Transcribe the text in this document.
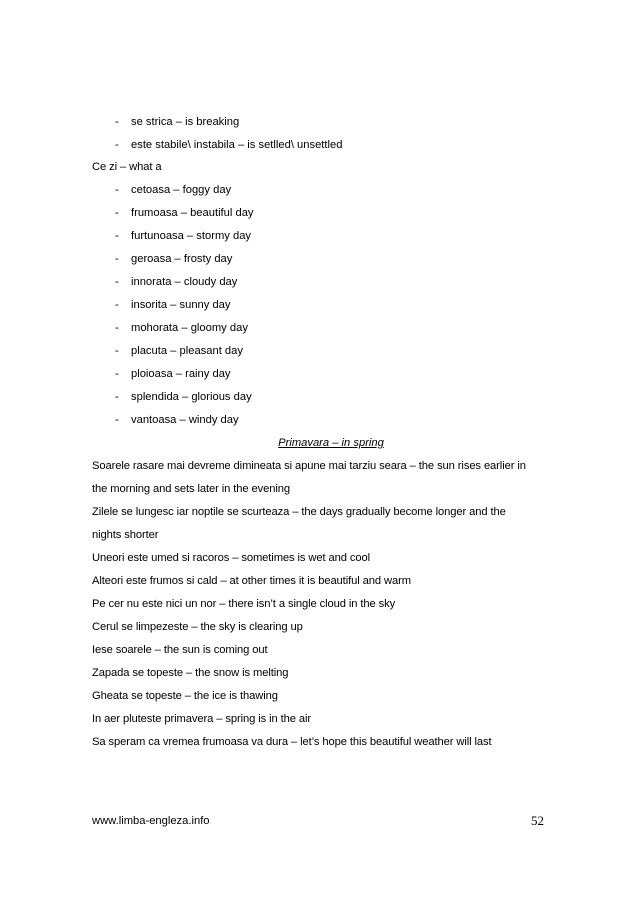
- se strica – is breaking
- este stabile\ instabila – is setlled\ unsettled
Ce zi – what a
- cetoasa – foggy day
- frumoasa – beautiful day
- furtunoasa – stormy day
- geroasa – frosty day
- innorata – cloudy day
- insorita – sunny day
- mohorata – gloomy day
- placuta – pleasant day
- ploioasa – rainy day
- splendida – glorious day
- vantoasa – windy day
Primavara – in spring
Soarele rasare mai devreme dimineata si apune mai tarziu seara – the sun rises earlier in
the morning and sets later in the evening
Zilele se lungesc iar noptile se scurteaza – the days gradually become longer and the
nights shorter
Uneori este umed si racoros – sometimes is wet and cool
Alteori este frumos si cald – at other times it is beautiful and warm
Pe cer nu este nici un nor – there isn’t a single cloud in the sky
Cerul se limpezeste – the sky is clearing up
Iese soarele – the sun is coming out
Zapada se topeste – the snow is melting
Gheata se topeste – the ice is thawing
In aer pluteste primavera – spring is in the air
Sa speram ca vremea frumoasa va dura – let’s hope this beautiful weather will last
www.limba-engleza.info	52
